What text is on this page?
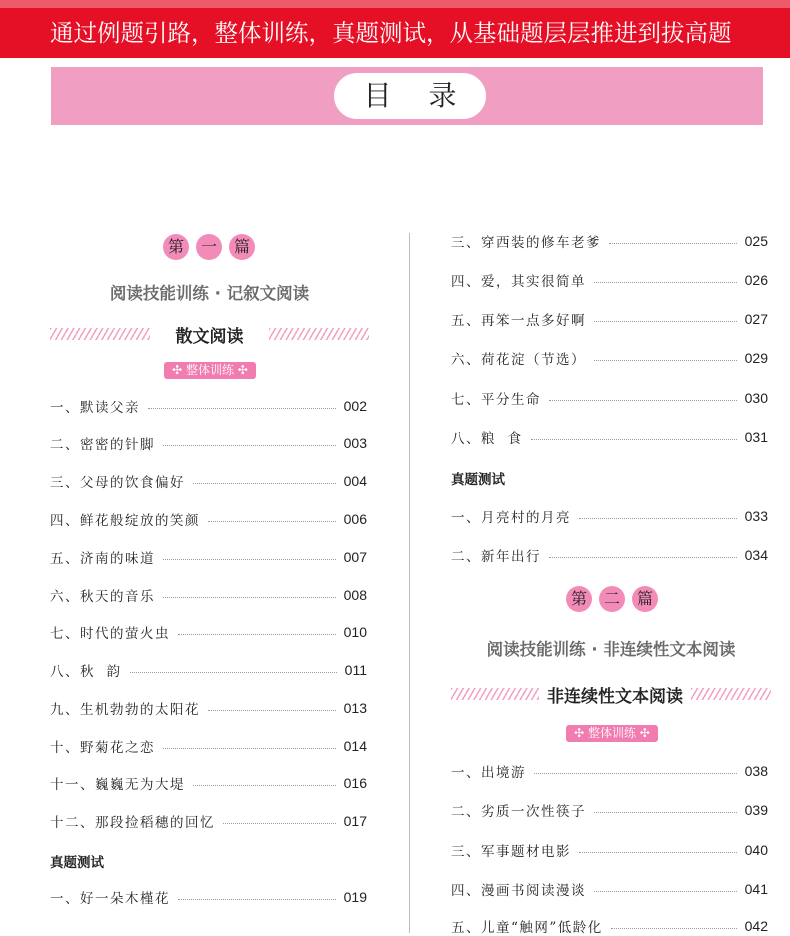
通过例题引路，整体训练，真题测试，从基础题层层推进到拔高题
目 录
第	一	篇
阅读技能训练 · 记叙文阅读
散文阅读
✣ 整体训练 ✣
一、默读父亲	002
二、密密的针脚	003
三、父母的饮食偏好	004
四、鲜花般绽放的笑颜	006
五、济南的味道	007
六、秋天的音乐	008
七、时代的萤火虫	010
八、秋  韵	011
九、生机勃勃的太阳花	013
十、野菊花之恋	014
十一、巍巍无为大堤	016
十二、那段捡稻穗的回忆	017
真题测试
一、好一朵木槿花	019
三、穿西装的修车老爹	025
四、爱，其实很简单	026
五、再笨一点多好啊	027
六、荷花淀（节选）	029
七、平分生命	030
八、粮  食	031
真题测试
一、月亮村的月亮	033
二、新年出行	034
第	二	篇
阅读技能训练 · 非连续性文本阅读
非连续性文本阅读
✣ 整体训练 ✣
一、出境游	038
二、劣质一次性筷子	039
三、军事题材电影	040
四、漫画书阅读漫谈	041
五、儿童“触网”低龄化	042
